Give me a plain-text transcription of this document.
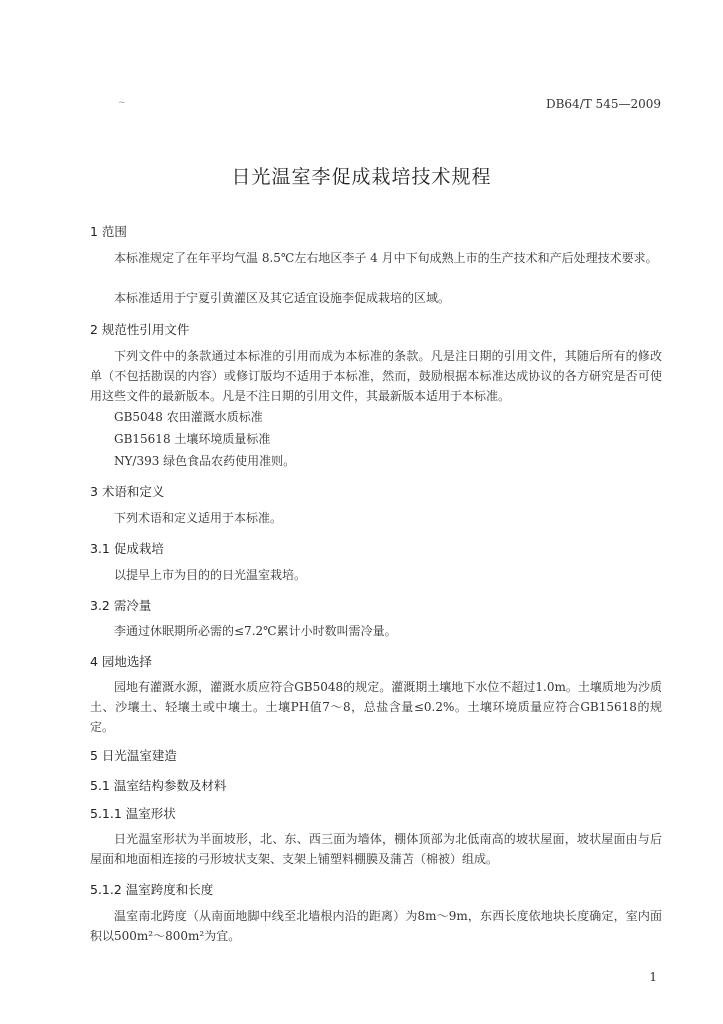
~	DB64/T 545—2009
日光温室李促成栽培技术规程
1 范围
本标准规定了在年平均气温 8.5℃左右地区李子 4 月中下旬成熟上市的生产技术和产后处理技术要求。
本标准适用于宁夏引黄灌区及其它适宜设施李促成栽培的区域。
2 规范性引用文件
下列文件中的条款通过本标准的引用而成为本标准的条款。凡是注日期的引用文件，其随后所有的修改单（不包括勘误的内容）或修订版均不适用于本标准，然而，鼓励根据本标准达成协议的各方研究是否可使用这些文件的最新版本。凡是不注日期的引用文件，其最新版本适用于本标准。
GB5048 农田灌溉水质标准
GB15618 土壤环境质量标准
NY/393 绿色食品农药使用准则。
3 术语和定义
下列术语和定义适用于本标准。
3.1 促成栽培
以提早上市为目的的日光温室栽培。
3.2 需冷量
李通过休眠期所必需的≤7.2℃累计小时数叫需冷量。
4 园地选择
园地有灌溉水源，灌溉水质应符合GB5048的规定。灌溉期土壤地下水位不超过1.0m。土壤质地为沙质土、沙壤土、轻壤土或中壤土。土壤PH值7～8，总盐含量≤0.2%。土壤环境质量应符合GB15618的规定。
5 日光温室建造
5.1 温室结构参数及材料
5.1.1 温室形状
日光温室形状为半面坡形，北、东、西三面为墙体，棚体顶部为北低南高的坡状屋面，坡状屋面由与后屋面和地面相连接的弓形坡状支架、支架上铺塑料棚膜及蒲苫（棉被）组成。
5.1.2 温室跨度和长度
温室南北跨度（从南面地脚中线至北墙根内沿的距离）为8m～9m，东西长度依地块长度确定，室内面积以500m²～800m²为宜。
1
